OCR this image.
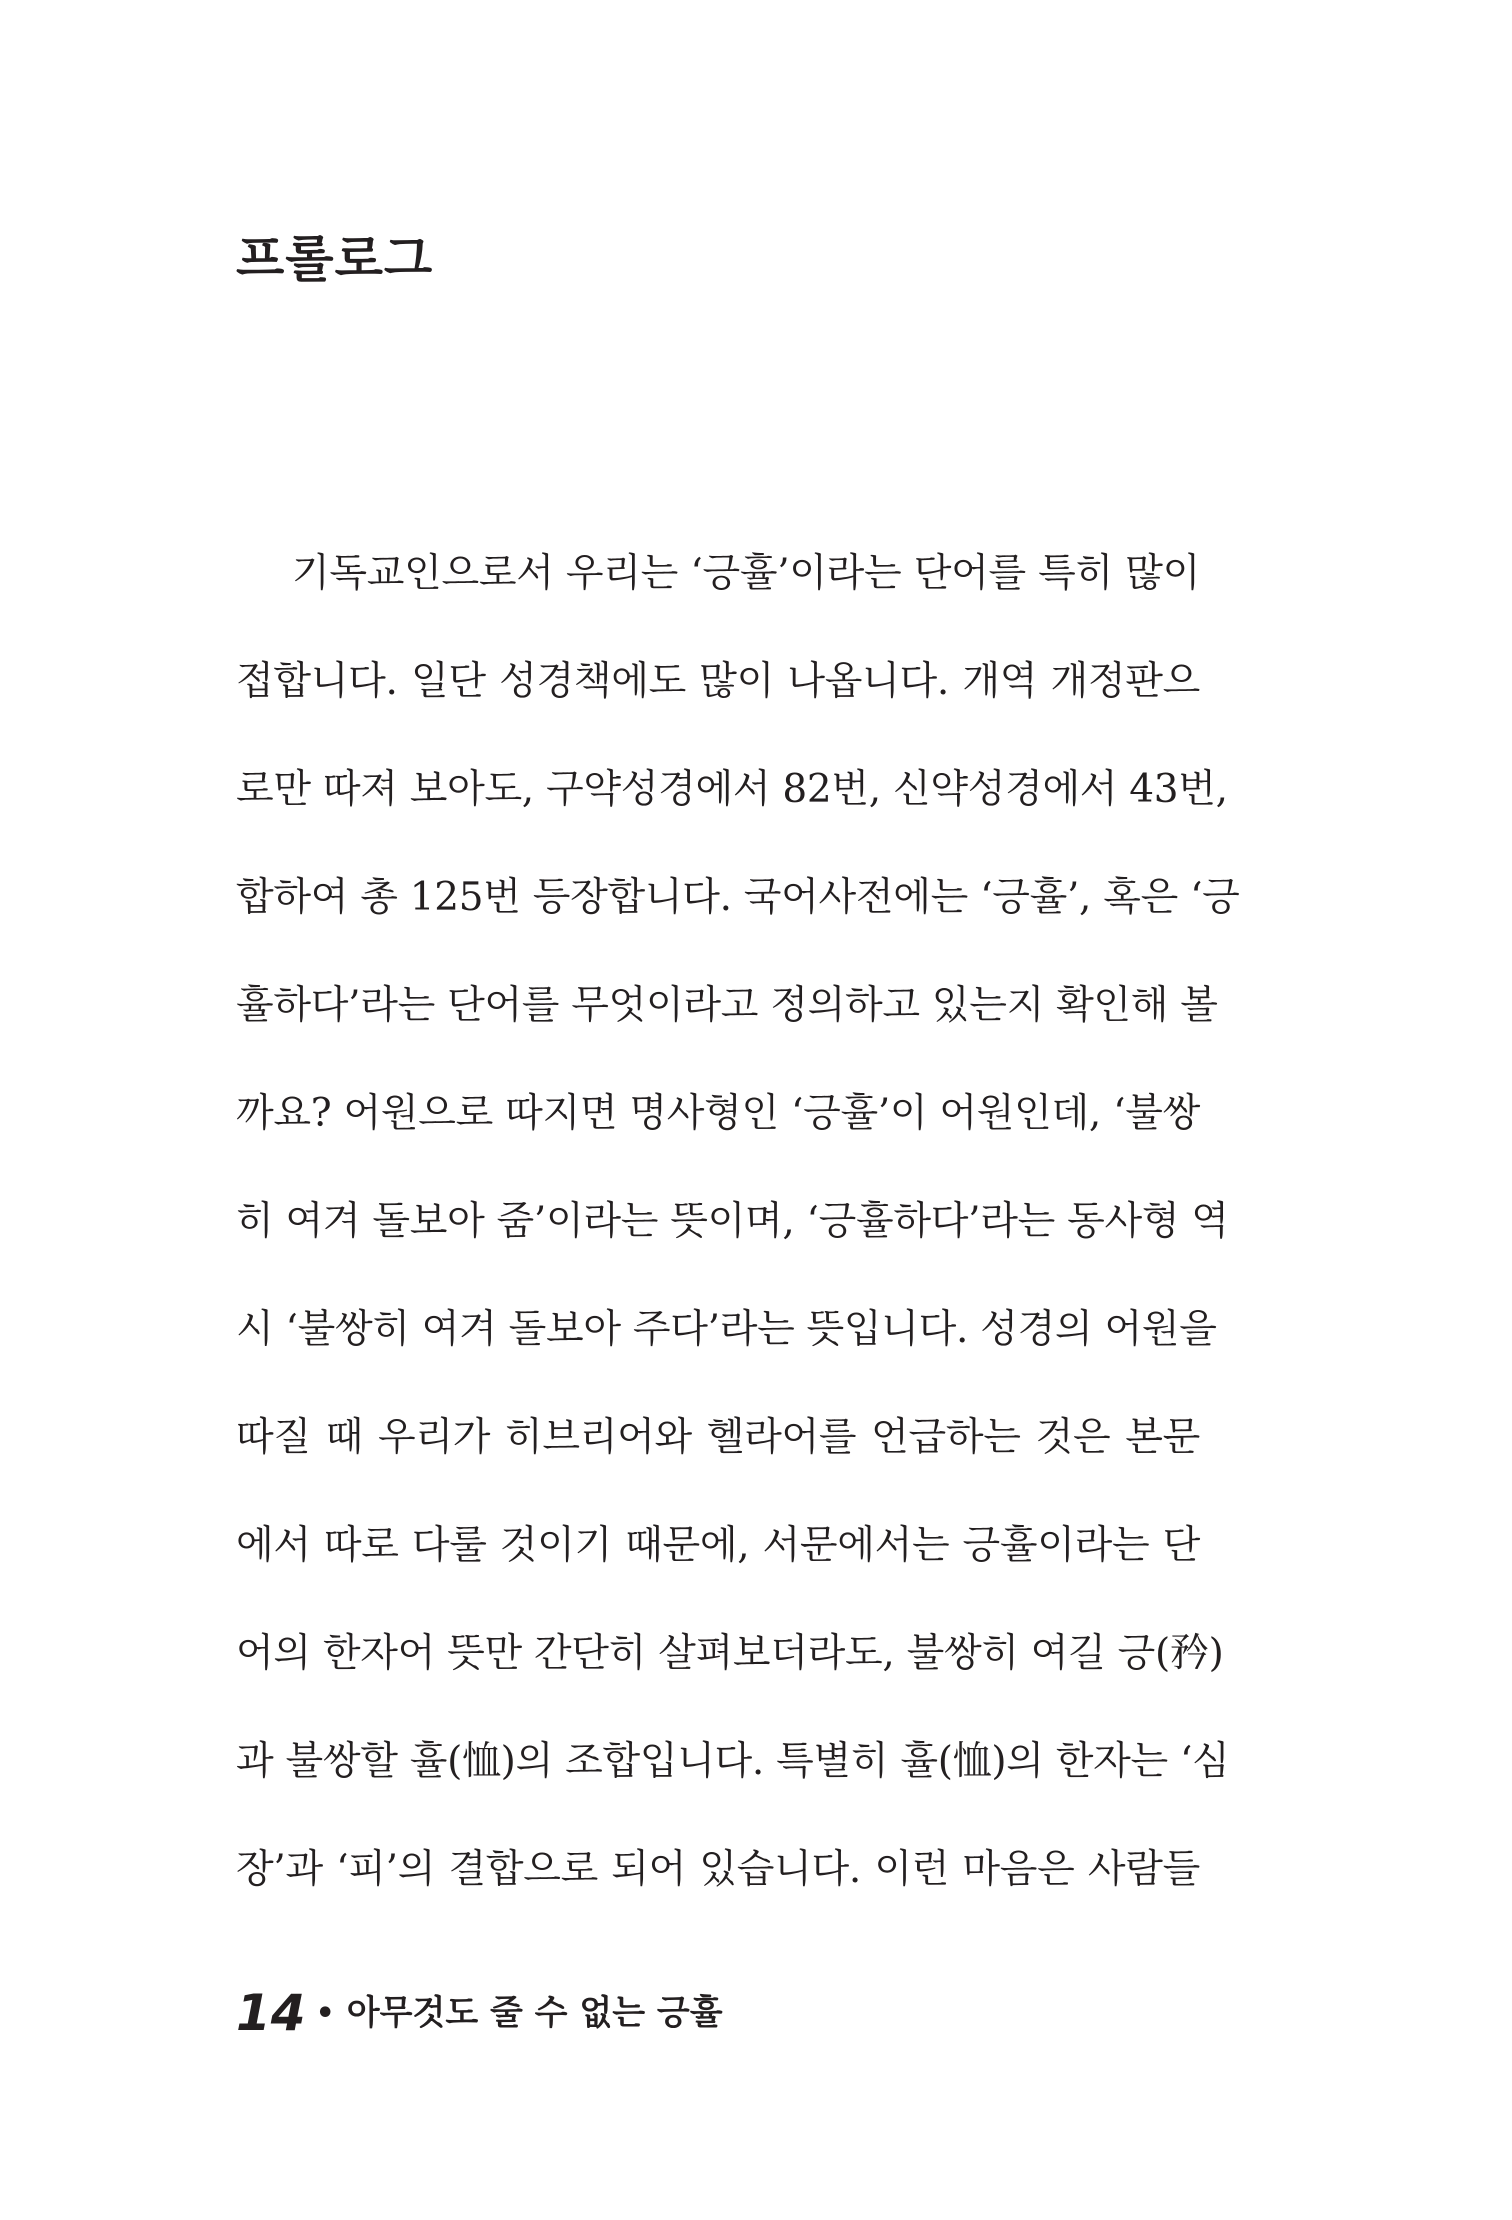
프롤로그
기독교인으로서 우리는 ‘긍휼’이라는 단어를 특히 많이
접합니다. 일단 성경책에도 많이 나옵니다. 개역 개정판으
로만 따져 보아도, 구약성경에서 82번, 신약성경에서 43번,
합하여 총 125번 등장합니다. 국어사전에는 ‘긍휼’, 혹은 ‘긍
휼하다’라는 단어를 무엇이라고 정의하고 있는지 확인해 볼
까요? 어원으로 따지면 명사형인 ‘긍휼’이 어원인데, ‘불쌍
히 여겨 돌보아 줌’이라는 뜻이며, ‘긍휼하다’라는 동사형 역
시 ‘불쌍히 여겨 돌보아 주다’라는 뜻입니다. 성경의 어원을
따질 때 우리가 히브리어와 헬라어를 언급하는 것은 본문
에서 따로 다룰 것이기 때문에, 서문에서는 긍휼이라는 단
어의 한자어 뜻만 간단히 살펴보더라도, 불쌍히 여길 긍(矜)
과 불쌍할 휼(恤)의 조합입니다. 특별히 휼(恤)의 한자는 ‘심
장’과 ‘피’의 결합으로 되어 있습니다. 이런 마음은 사람들
14 • 아무것도 줄 수 없는 긍휼
